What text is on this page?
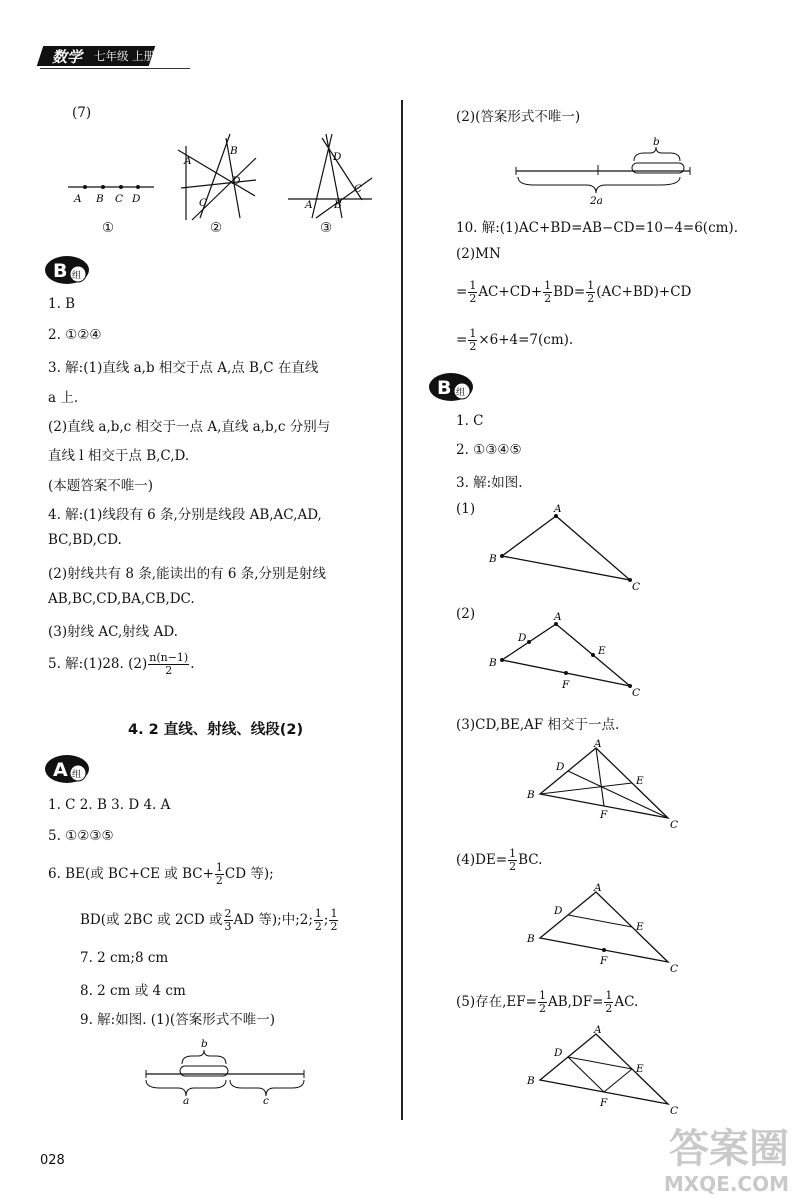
数学 七年级 上册
(7)
A B C D
A
B
D
C
D
C
A B
①	②	③
B 组
1. B
2. ①②④
3. 解:(1)直线 a,b 相交于点 A,点 B,C 在直线
a 上.
(2)直线 a,b,c 相交于一点 A,直线 a,b,c 分别与
直线 l 相交于点 B,C,D.
(本题答案不唯一)
4. 解:(1)线段有 6 条,分别是线段 AB,AC,AD,
BC,BD,CD.
(2)射线共有 8 条,能读出的有 6 条,分别是射线
AB,BC,CD,BA,CB,DC.
(3)射线 AC,射线 AD.
5. 解:(1)28. $(2) \frac{n(n-1)}{2}$ .
4. 2 直线、射线、线段(2)
A 组
1. C 2. B 3. D 4. A
5. ①②③⑤
6. BE(或 BC+CE 或 $BC+ \frac{1}{2}$ CD 等);
BD(或 2BC 或 2CD 或 $\frac{2}{3}$ AD 等);中;2; $\frac{1}{2}$ ; $\frac{1}{2}$
7. 2 cm;8 cm
8. 2 cm 或 4 cm
9. 解:如图. (1)(答案形式不唯一)
b
a	c
028
(2)(答案形式不唯一)
b
2a
10. 解:(1)AC+BD=AB−CD=10−4=6(cm).
(2)MN
= $\frac{1}{2} AC+CD+ \frac{1}{2} BD= \frac{1}{2} (AC+BD)+CD$
= $\frac{1}{2} \times 6+4=7(cm)$.
B 组
1. C
2. ①③④⑤
3. 解:如图.
(1)	A
B
C
(2)	A
D
E
B
F
C
(3)CD,BE,AF 相交于一点.
A
D
E
B
F
C
$(4)DE= \frac{1}{2}$ BC.
A
D
E
B
F
C
(5)存在$,EF= \frac{1}{2} AB,DF= \frac{1}{2}$ AC.
A
D
E
B
F
C
答案圈
MXQE.COM
